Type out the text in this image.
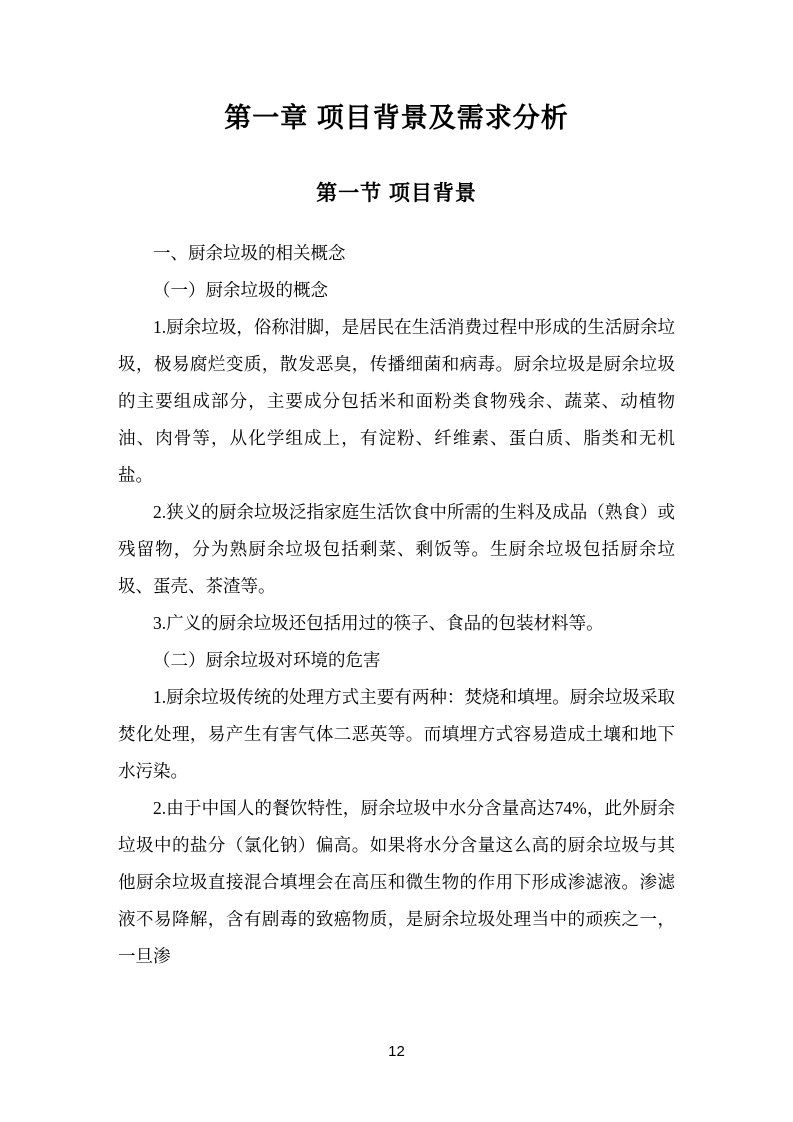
第一章 项目背景及需求分析
第一节 项目背景

一、厨余垃圾的相关概念

（一）厨余垃圾的概念

1.厨余垃圾，俗称泔脚，是居民在生活消费过程中形成的生活厨余垃圾，极易腐烂变质，散发恶臭，传播细菌和病毒。厨余垃圾是厨余垃圾的主要组成部分，主要成分包括米和面粉类食物残余、蔬菜、动植物油、肉骨等，从化学组成上，有淀粉、纤维素、蛋白质、脂类和无机盐。

2.狭义的厨余垃圾泛指家庭生活饮食中所需的生料及成品（熟食）或残留物，分为熟厨余垃圾包括剩菜、剩饭等。生厨余垃圾包括厨余垃圾、蛋壳、茶渣等。

3.广义的厨余垃圾还包括用过的筷子、食品的包装材料等。

（二）厨余垃圾对环境的危害

1.厨余垃圾传统的处理方式主要有两种：焚烧和填埋。厨余垃圾采取焚化处理，易产生有害气体二恶英等。而填埋方式容易造成土壤和地下水污染。

2.由于中国人的餐饮特性，厨余垃圾中水分含量高达74%，此外厨余垃圾中的盐分（氯化钠）偏高。如果将水分含量这么高的厨余垃圾与其他厨余垃圾直接混合填埋会在高压和微生物的作用下形成渗滤液。渗滤液不易降解，含有剧毒的致癌物质，是厨余垃圾处理当中的顽疾之一，一旦渗

12
